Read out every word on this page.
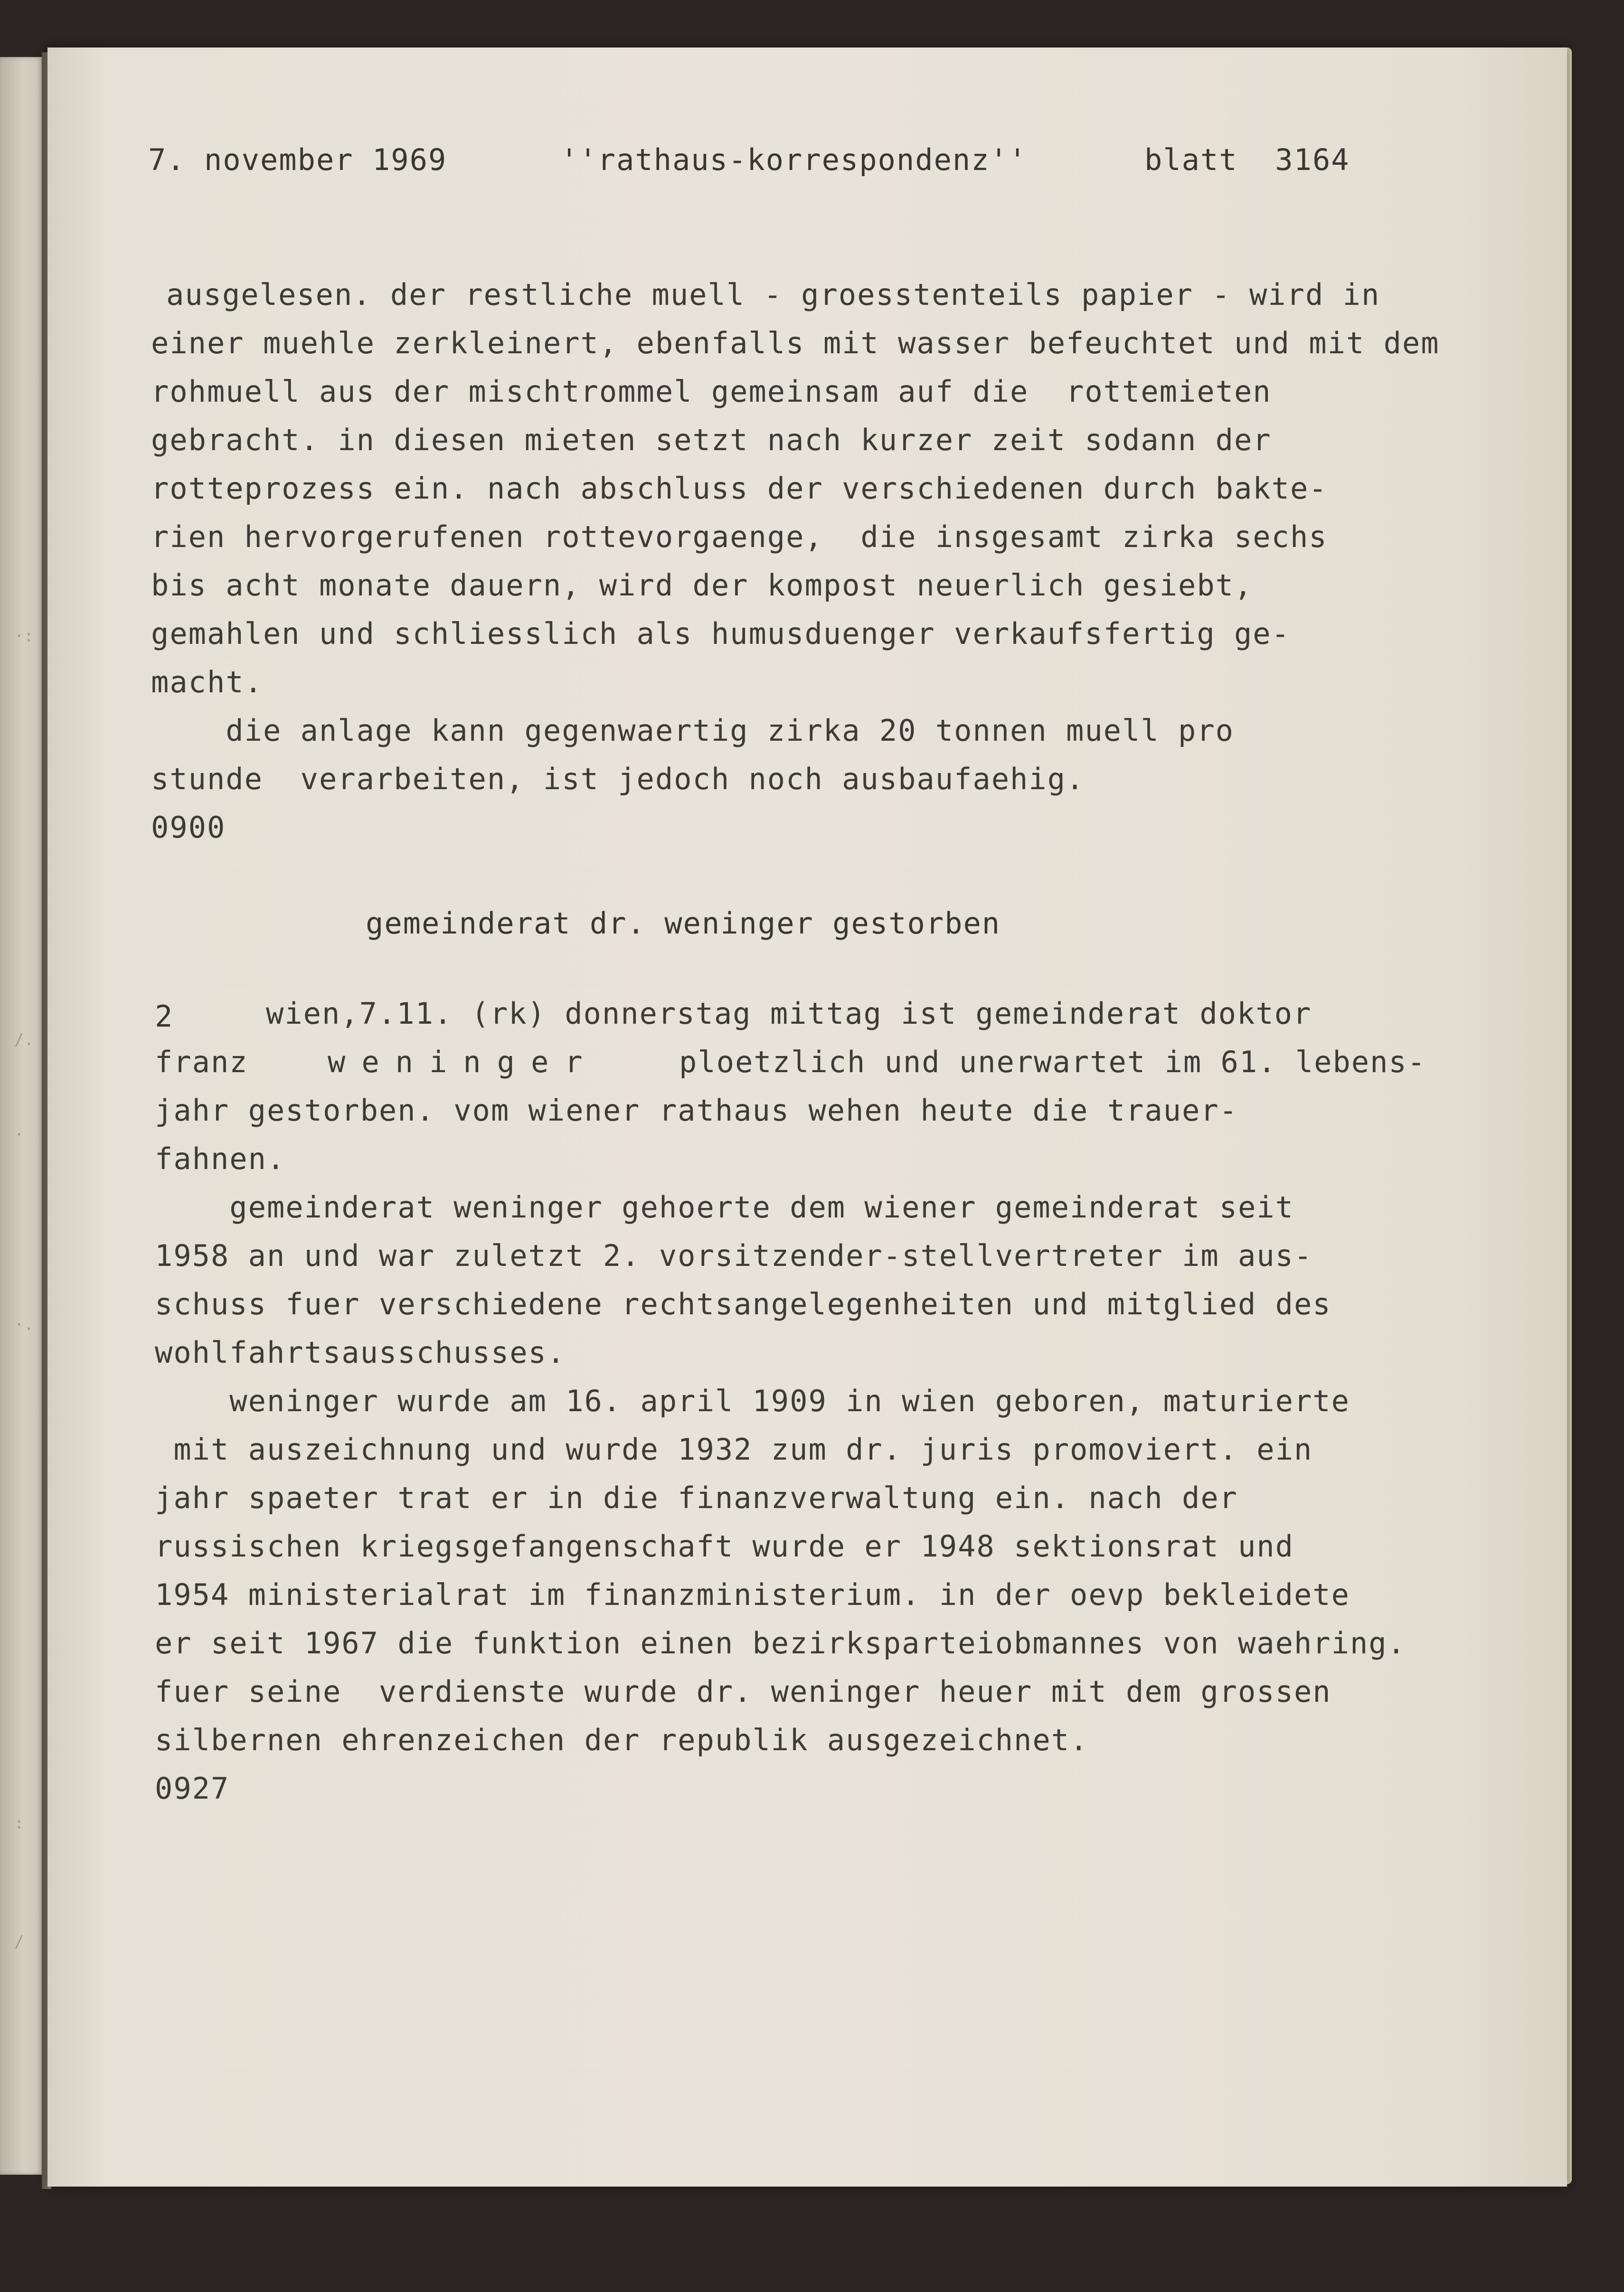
·:
/.
·
·.
:
/
7. november 1969	''rathaus-korrespondenz''	blatt  3164
ausgelesen. der restliche muell - groesstenteils papier - wird in
einer muehle zerkleinert, ebenfalls mit wasser befeuchtet und mit dem
rohmuell aus der mischtrommel gemeinsam auf die  rottemieten
gebracht. in diesen mieten setzt nach kurzer zeit sodann der
rotteprozess ein. nach abschluss der verschiedenen durch bakte-
rien hervorgerufenen rottevorgaenge,  die insgesamt zirka sechs
bis acht monate dauern, wird der kompost neuerlich gesiebt,
gemahlen und schliesslich als humusduenger verkaufsfertig ge-
macht.
die anlage kann gegenwaertig zirka 20 tonnen muell pro
stunde  verarbeiten, ist jedoch noch ausbaufaehig.
0900
gemeinderat dr. weninger gestorben
2	wien,7.11. (rk) donnerstag mittag ist gemeinderat doktor
franz	weninger	ploetzlich und unerwartet im 61. lebens-
jahr gestorben. vom wiener rathaus wehen heute die trauer-
fahnen.
gemeinderat weninger gehoerte dem wiener gemeinderat seit
1958 an und war zuletzt 2. vorsitzender-stellvertreter im aus-
schuss fuer verschiedene rechtsangelegenheiten und mitglied des
wohlfahrtsausschusses.
weninger wurde am 16. april 1909 in wien geboren, maturierte
mit auszeichnung und wurde 1932 zum dr. juris promoviert. ein
jahr spaeter trat er in die finanzverwaltung ein. nach der
russischen kriegsgefangenschaft wurde er 1948 sektionsrat und
1954 ministerialrat im finanzministerium. in der oevp bekleidete
er seit 1967 die funktion einen bezirksparteiobmannes von waehring.
fuer seine  verdienste wurde dr. weninger heuer mit dem grossen
silbernen ehrenzeichen der republik ausgezeichnet.
0927
